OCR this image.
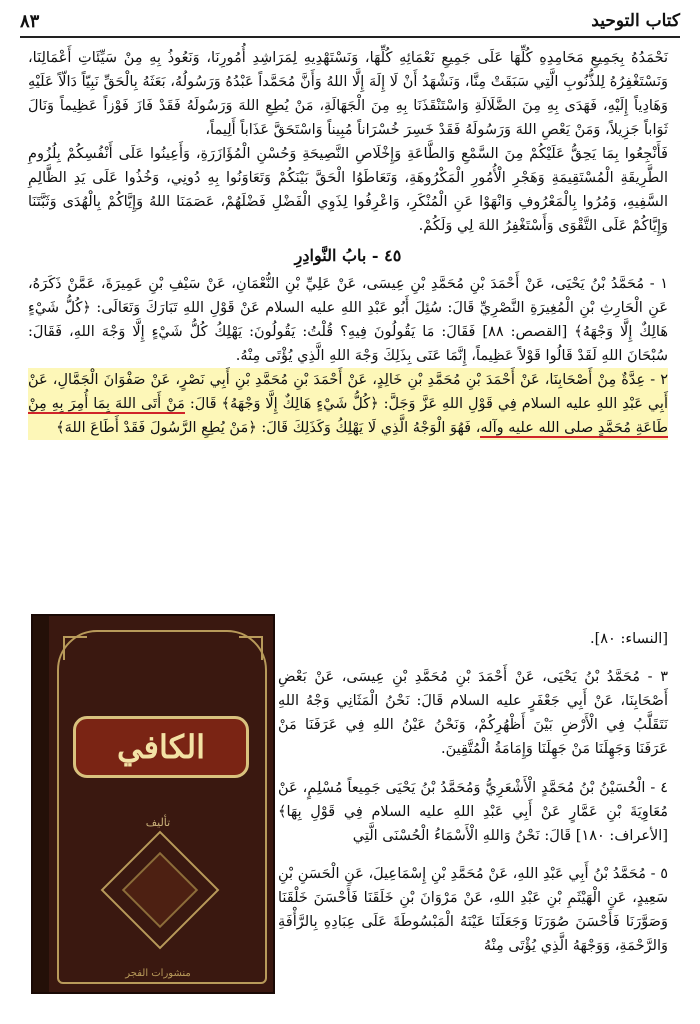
كتاب التوحيد
٨٣

نَحْمَدُهُ بِجَمِيعِ مَحَامِدِهِ كُلِّهَا عَلَى جَمِيعِ نَعْمَائِهِ كُلِّهَا، وَنَسْتَهْدِيهِ لِمَرَاشِدِ أُمُورِنَا، وَنَعُوذُ بِهِ مِنْ سَيِّئَاتِ أَعْمَالِنَا، وَنَسْتَغْفِرُهُ لِلذُّنُوبِ الَّتِي سَبَقَتْ مِنَّا، وَنَشْهَدُ أَنْ لَا إِلَهَ إِلَّا اللهُ وَأَنَّ مُحَمَّداً عَبْدُهُ وَرَسُولُهُ، بَعَثَهُ بِالْحَقِّ نَبِيّاً دَالّاً عَلَيْهِ وَهَادِياً إِلَيْهِ، فَهَدَى بِهِ مِنَ الضَّلَالَةِ وَاسْتَنْقَذَنَا بِهِ مِنَ الْجَهَالَةِ، مَنْ يُطِعِ اللهَ وَرَسُولَهُ فَقَدْ فَازَ فَوْزاً عَظِيماً وَنَالَ ثَوَاباً جَزِيلاً، وَمَنْ يَعْصِ اللهَ وَرَسُولَهُ فَقَدْ خَسِرَ خُسْرَاناً مُبِيناً وَاسْتَحَقَّ عَذَاباً أَلِيماً،

فَأَنْجِعُوا بِمَا يَحِقُّ عَلَيْكُمْ مِنَ السَّمْعِ وَالطَّاعَةِ وَإِخْلَاصِ النَّصِيحَةِ وَحُسْنِ الْمُؤَازَرَةِ، وَأَعِينُوا عَلَى أَنْفُسِكُمْ بِلُزُومِ الطَّرِيقَةِ الْمُسْتَقِيمَةِ وَهَجْرِ الْأُمُورِ الْمَكْرُوهَةِ، وَتَعَاطَوُا الْحَقَّ بَيْنَكُمْ وَتَعَاوَنُوا بِهِ دُونِي، وَخُذُوا عَلَى يَدِ الظَّالِمِ السَّفِيهِ، وَمُرُوا بِالْمَعْرُوفِ وَانْهَوْا عَنِ الْمُنْكَرِ، وَاعْرِفُوا لِذَوِي الْفَضْلِ فَضْلَهُمْ، عَصَمَنَا اللهُ وَإِيَّاكُمْ بِالْهُدَى وَثَبَّتَنَا وَإِيَّاكُمْ عَلَى التَّقْوَى وَأَسْتَغْفِرُ اللهَ لِي وَلَكُمْ.

٤٥ - بابُ النَّوادِرِ

١ - مُحَمَّدُ بْنُ يَحْيَى، عَنْ أَحْمَدَ بْنِ مُحَمَّدِ بْنِ عِيسَى، عَنْ عَلِيِّ بْنِ النُّعْمَانِ، عَنْ سَيْفِ بْنِ عَمِيرَةَ، عَمَّنْ ذَكَرَهُ، عَنِ الْحَارِثِ بْنِ الْمُغِيرَةِ النَّصْرِيِّ قَالَ: سُئِلَ أَبُو عَبْدِ اللهِ عليه السلام عَنْ قَوْلِ اللهِ تَبَارَكَ وَتَعَالَى: ﴿كُلُّ شَيْءٍ هَالِكٌ إِلَّا وَجْهَهُ﴾ [القصص: ٨٨] فَقَالَ: مَا يَقُولُونَ فِيهِ؟ قُلْتُ: يَقُولُونَ: يَهْلِكُ كُلُّ شَيْءٍ إِلَّا وَجْهَ اللهِ، فَقَالَ: سُبْحَانَ اللهِ لَقَدْ قَالُوا قَوْلاً عَظِيماً، إِنَّمَا عَنَى بِذَلِكَ وَجْهَ اللهِ الَّذِي يُؤْتَى مِنْهُ.

٢ - عِدَّةٌ مِنْ أَصْحَابِنَا، عَنْ أَحْمَدَ بْنِ مُحَمَّدِ بْنِ خَالِدٍ، عَنْ أَحْمَدَ بْنِ مُحَمَّدِ بْنِ أَبِي نَصْرٍ، عَنْ صَفْوَانَ الْجَمَّالِ، عَنْ أَبِي عَبْدِ اللهِ عليه السلام فِي قَوْلِ اللهِ عَزَّ وَجَلَّ: ﴿كُلُّ شَيْءٍ هَالِكٌ إِلَّا وَجْهَهُ﴾ قَالَ: مَنْ أَتَى اللهَ بِمَا أُمِرَ بِهِ مِنْ طَاعَةِ مُحَمَّدٍ صلى الله عليه وآله، فَهُوَ الْوَجْهُ الَّذِي لَا يَهْلِكُ وَكَذَلِكَ قَالَ: ﴿مَنْ يُطِعِ الرَّسُولَ فَقَدْ أَطَاعَ اللهَ﴾

[النساء: ٨٠].

٣ - مُحَمَّدُ بْنُ يَحْيَى، عَنْ أَحْمَدَ بْنِ مُحَمَّدِ بْنِ عِيسَى، عَنْ بَعْضِ أَصْحَابِنَا، عَنْ أَبِي جَعْفَرٍ عليه السلام قَالَ: نَحْنُ الْمَثَانِي وَجْهُ اللهِ نَتَقَلَّبُ فِي الْأَرْضِ بَيْنَ أَظْهُرِكُمْ، وَنَحْنُ عَيْنُ اللهِ فِي عَرَفَنَا مَنْ عَرَفَنَا وَجَهِلَنَا مَنْ جَهِلَنَا وَإِمَامَةُ الْمُتَّقِينَ.

٤ - الْحُسَيْنُ بْنُ مُحَمَّدٍ الْأَشْعَرِيُّ وَمُحَمَّدُ بْنُ يَحْيَى جَمِيعاً مُسْلِمٍ، عَنْ مُعَاوِيَةَ بْنِ عَمَّارٍ عَنْ أَبِي عَبْدِ اللهِ عليه السلام فِي قَوْلِ بِهَا﴾ [الأعراف: ١٨٠] قَالَ: نَحْنُ وَاللهِ الْأَسْمَاءُ الْحُسْنَى الَّتِي

٥ - مُحَمَّدُ بْنُ أَبِي عَبْدِ اللهِ، عَنْ مُحَمَّدِ بْنِ إِسْمَاعِيلَ، عَنِ الْحَسَنِ بْنِ سَعِيدٍ، عَنِ الْهَيْثَمِ بْنِ عَبْدِ اللهِ، عَنْ مَرْوَانَ بْنِ خَلَقَنَا فَأَحْسَنَ خَلْقَنَا وَصَوَّرَنَا فَأَحْسَنَ صُوَرَنَا وَجَعَلَنَا عَيْنَهُ الْمَبْسُوطَةَ عَلَى عِبَادِهِ بِالرَّأْفَةِ وَالرَّحْمَةِ، وَوَجْهَهُ الَّذِي يُؤْتَى مِنْهُ

الكافي
تأليف
منشورات الفجر
